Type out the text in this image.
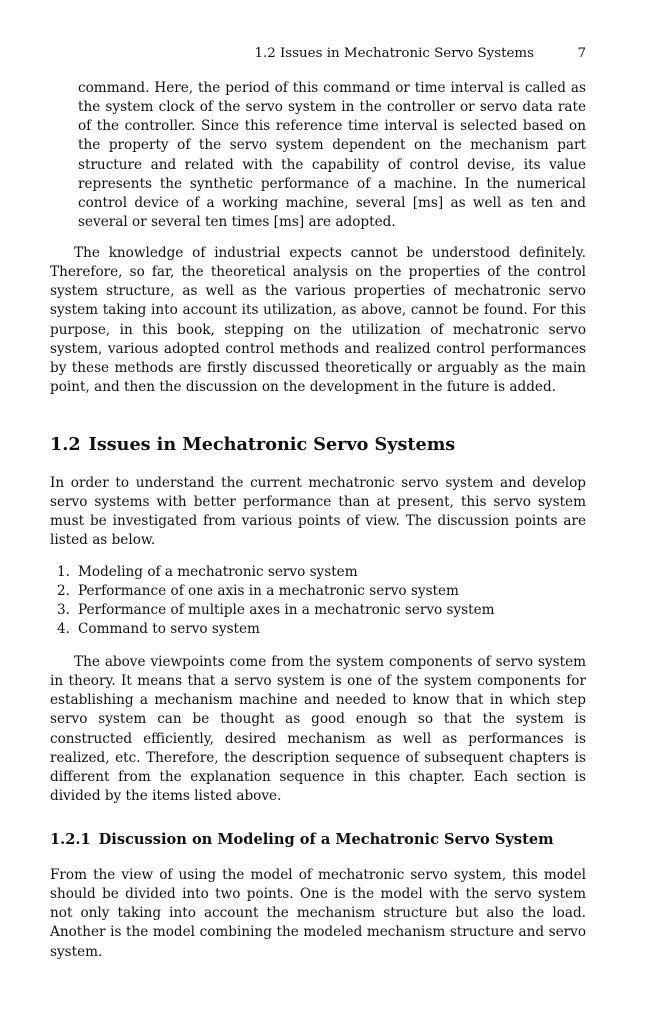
1.2 Issues in Mechatronic Servo Systems	7

command. Here, the period of this command or time interval is called as the system clock of the servo system in the controller or servo data rate of the controller. Since this reference time interval is selected based on the property of the servo system dependent on the mechanism part structure and related with the capability of control devise, its value represents the synthetic performance of a machine. In the numerical control device of a working machine, several [ms] as well as ten and several or several ten times [ms] are adopted.

The knowledge of industrial expects cannot be understood definitely. Therefore, so far, the theoretical analysis on the properties of the control system structure, as well as the various properties of mechatronic servo system taking into account its utilization, as above, cannot be found. For this purpose, in this book, stepping on the utilization of mechatronic servo system, various adopted control methods and realized control performances by these methods are firstly discussed theoretically or arguably as the main point, and then the discussion on the development in the future is added.

1.2 Issues in Mechatronic Servo Systems

In order to understand the current mechatronic servo system and develop servo systems with better performance than at present, this servo system must be investigated from various points of view. The discussion points are listed as below.

1. Modeling of a mechatronic servo system
2. Performance of one axis in a mechatronic servo system
3. Performance of multiple axes in a mechatronic servo system
4. Command to servo system

The above viewpoints come from the system components of servo system in theory. It means that a servo system is one of the system components for establishing a mechanism machine and needed to know that in which step servo system can be thought as good enough so that the system is constructed efficiently, desired mechanism as well as performances is realized, etc. Therefore, the description sequence of subsequent chapters is different from the explanation sequence in this chapter. Each section is divided by the items listed above.

1.2.1 Discussion on Modeling of a Mechatronic Servo System

From the view of using the model of mechatronic servo system, this model should be divided into two points. One is the model with the servo system not only taking into account the mechanism structure but also the load. Another is the model combining the modeled mechanism structure and servo system.
